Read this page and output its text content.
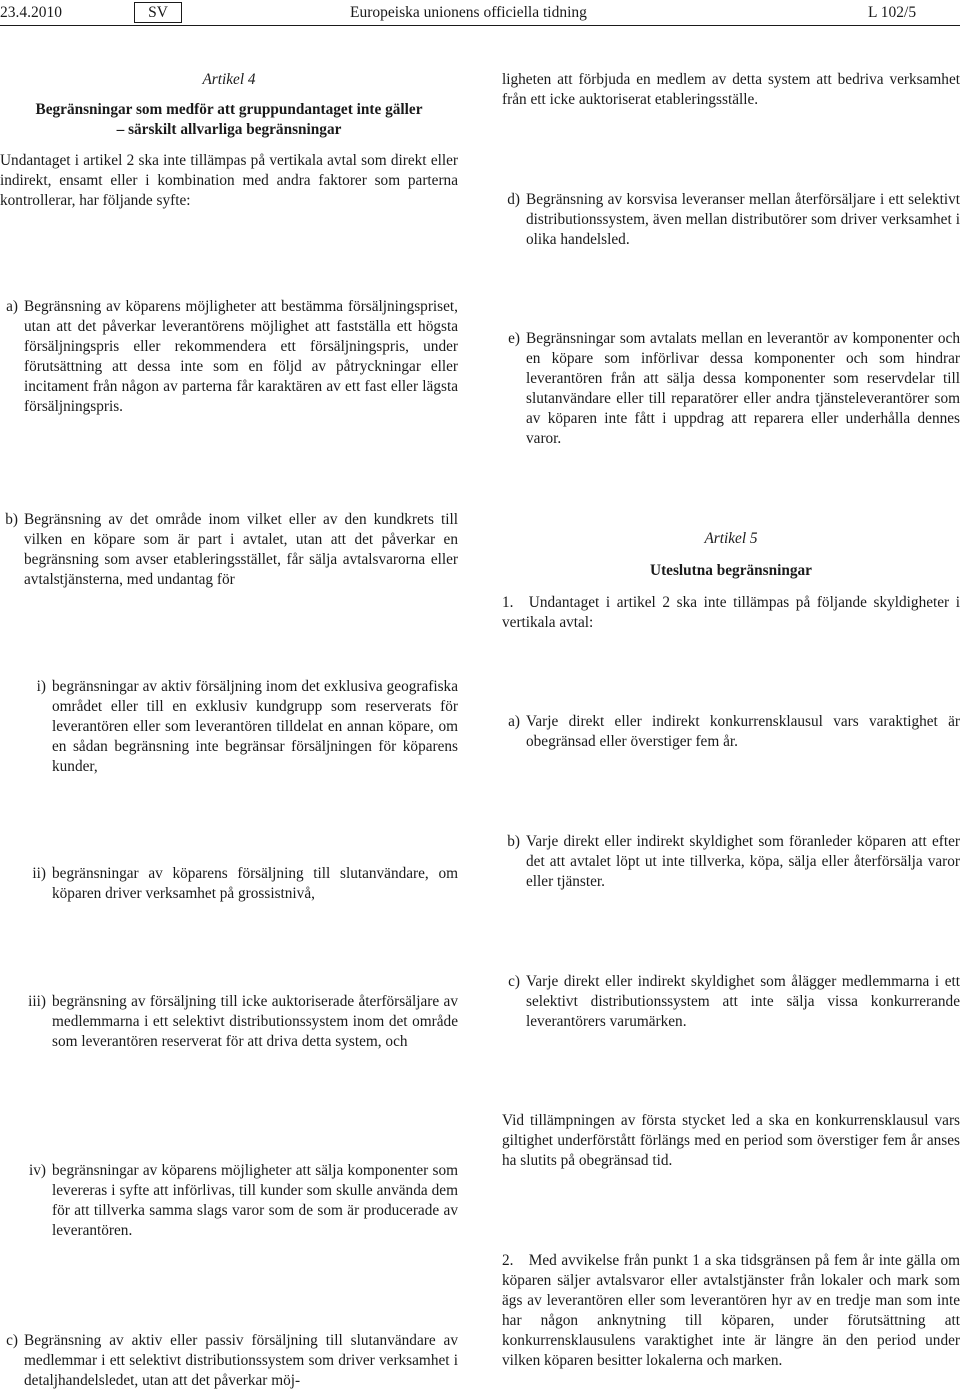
23.4.2010	SV	Europeiska unionens officiella tidning	L 102/5
Artikel 4
Begränsningar som medför att gruppundantaget inte gäller
– särskilt allvarliga begränsningar
Undantaget i artikel 2 ska inte tillämpas på vertikala avtal som direkt eller indirekt, ensamt eller i kombination med andra faktorer som parterna kontrollerar, har följande syfte:
a) Begränsning av köparens möjligheter att bestämma försäljningspriset, utan att det påverkar leverantörens möjlighet att fastställa ett högsta försäljningspris eller rekommendera ett försäljningspris, under förutsättning att dessa inte som en följd av påtryckningar eller incitament från någon av parterna får karaktären av ett fast eller lägsta försäljningspris.
b) Begränsning av det område inom vilket eller av den kundkrets till vilken en köpare som är part i avtalet, utan att det påverkar en begränsning som avser etableringsstället, får sälja avtalsvarorna eller avtalstjänsterna, med undantag för
i) begränsningar av aktiv försäljning inom det exklusiva geografiska området eller till en exklusiv kundgrupp som reserverats för leverantören eller som leverantören tilldelat en annan köpare, om en sådan begränsning inte begränsar försäljningen för köparens kunder,
ii) begränsningar av köparens försäljning till slutanvändare, om köparen driver verksamhet på grossistnivå,
iii) begränsning av försäljning till icke auktoriserade återförsäljare av medlemmarna i ett selektivt distributionssystem inom det område som leverantören reserverat för att driva detta system, och
iv) begränsningar av köparens möjligheter att sälja komponenter som levereras i syfte att införlivas, till kunder som skulle använda dem för att tillverka samma slags varor som de som är producerade av leverantören.
c) Begränsning av aktiv eller passiv försäljning till slutanvändare av medlemmar i ett selektivt distributionssystem som driver verksamhet i detaljhandelsledet, utan att det påverkar möj-
ligheten att förbjuda en medlem av detta system att bedriva verksamhet från ett icke auktoriserat etableringsställe.
d) Begränsning av korsvisa leveranser mellan återförsäljare i ett selektivt distributionssystem, även mellan distributörer som driver verksamhet i olika handelsled.
e) Begränsningar som avtalats mellan en leverantör av komponenter och en köpare som införlivar dessa komponenter och som hindrar leverantören från att sälja dessa komponenter som reservdelar till slutanvändare eller till reparatörer eller andra tjänsteleverantörer som av köparen inte fått i uppdrag att reparera eller underhålla dennes varor.
Artikel 5
Uteslutna begränsningar
1. Undantaget i artikel 2 ska inte tillämpas på följande skyldigheter i vertikala avtal:
a) Varje direkt eller indirekt konkurrensklausul vars varaktighet är obegränsad eller överstiger fem år.
b) Varje direkt eller indirekt skyldighet som föranleder köparen att efter det att avtalet löpt ut inte tillverka, köpa, sälja eller återförsälja varor eller tjänster.
c) Varje direkt eller indirekt skyldighet som ålägger medlemmarna i ett selektivt distributionssystem att inte sälja vissa konkurrerande leverantörers varumärken.
Vid tillämpningen av första stycket led a ska en konkurrensklausul vars giltighet underförstått förlängs med en period som överstiger fem år anses ha slutits på obegränsad tid.
2. Med avvikelse från punkt 1 a ska tidsgränsen på fem år inte gälla om köparen säljer avtalsvaror eller avtalstjänster från lokaler och mark som ägs av leverantören eller som leverantören hyr av en tredje man som inte har någon anknytning till köparen, under förutsättning att konkurrensklausulens varaktighet inte är längre än den period under vilken köparen besitter lokalerna och marken.
